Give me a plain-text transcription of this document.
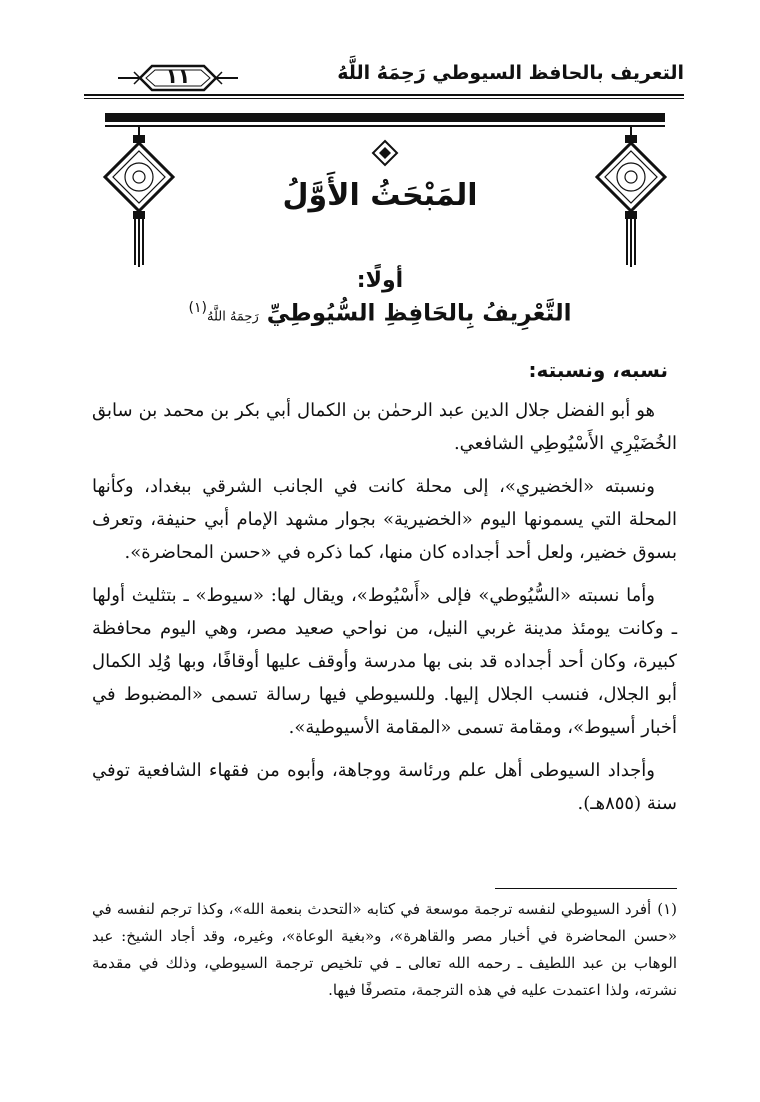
التعريف بالحافظ السيوطي رَحِمَهُ اللَّهُ
١١
المَبْحَثُ الأَوَّلُ
أولًا:
التَّعْرِيفُ بِالحَافِظِ السُّيُوطِيِّ رَحِمَهُ اللَّهُ$^{(١)}$
نسبه، ونسبته:

هو أبو الفضل جلال الدين عبد الرحمٰن بن الكمال أبي بكر بن محمد بن سابق الخُضَيْرِي الأَسْيُوطِي الشافعي.

ونسبته «الخضيري»، إلى محلة كانت في الجانب الشرقي ببغداد، وكأنها المحلة التي يسمونها اليوم «الخضيرية» بجوار مشهد الإمام أبي حنيفة، وتعرف بسوق خضير، ولعل أحد أجداده كان منها، كما ذكره في «حسن المحاضرة».

وأما نسبته «السُّيُوطي» فإلى «أَسْيُوط»، ويقال لها: «سيوط» ـ بتثليث أولها ـ وكانت يومئذ مدينة غربي النيل، من نواحي صعيد مصر، وهي اليوم محافظة كبيرة، وكان أحد أجداده قد بنى بها مدرسة وأوقف عليها أوقافًا، وبها وُلِد الكمال أبو الجلال، فنسب الجلال إليها. وللسيوطي فيها رسالة تسمى «المضبوط في أخبار أسيوط»، ومقامة تسمى «المقامة الأسيوطية».

وأجداد السيوطى أهل علم ورئاسة ووجاهة، وأبوه من فقهاء الشافعية توفي سنة (٨٥٥هـ).

(١)أفرد السيوطي لنفسه ترجمة موسعة في كتابه «التحدث بنعمة الله»، وكذا ترجم لنفسه في «حسن المحاضرة في أخبار مصر والقاهرة»، و«بغية الوعاة»، وغيره، وقد أجاد الشيخ: عبد الوهاب بن عبد اللطيف ـ رحمه الله تعالى ـ في تلخيص ترجمة السيوطي، وذلك في مقدمة نشرته، ولذا اعتمدت عليه في هذه الترجمة، متصرفًا فيها.
